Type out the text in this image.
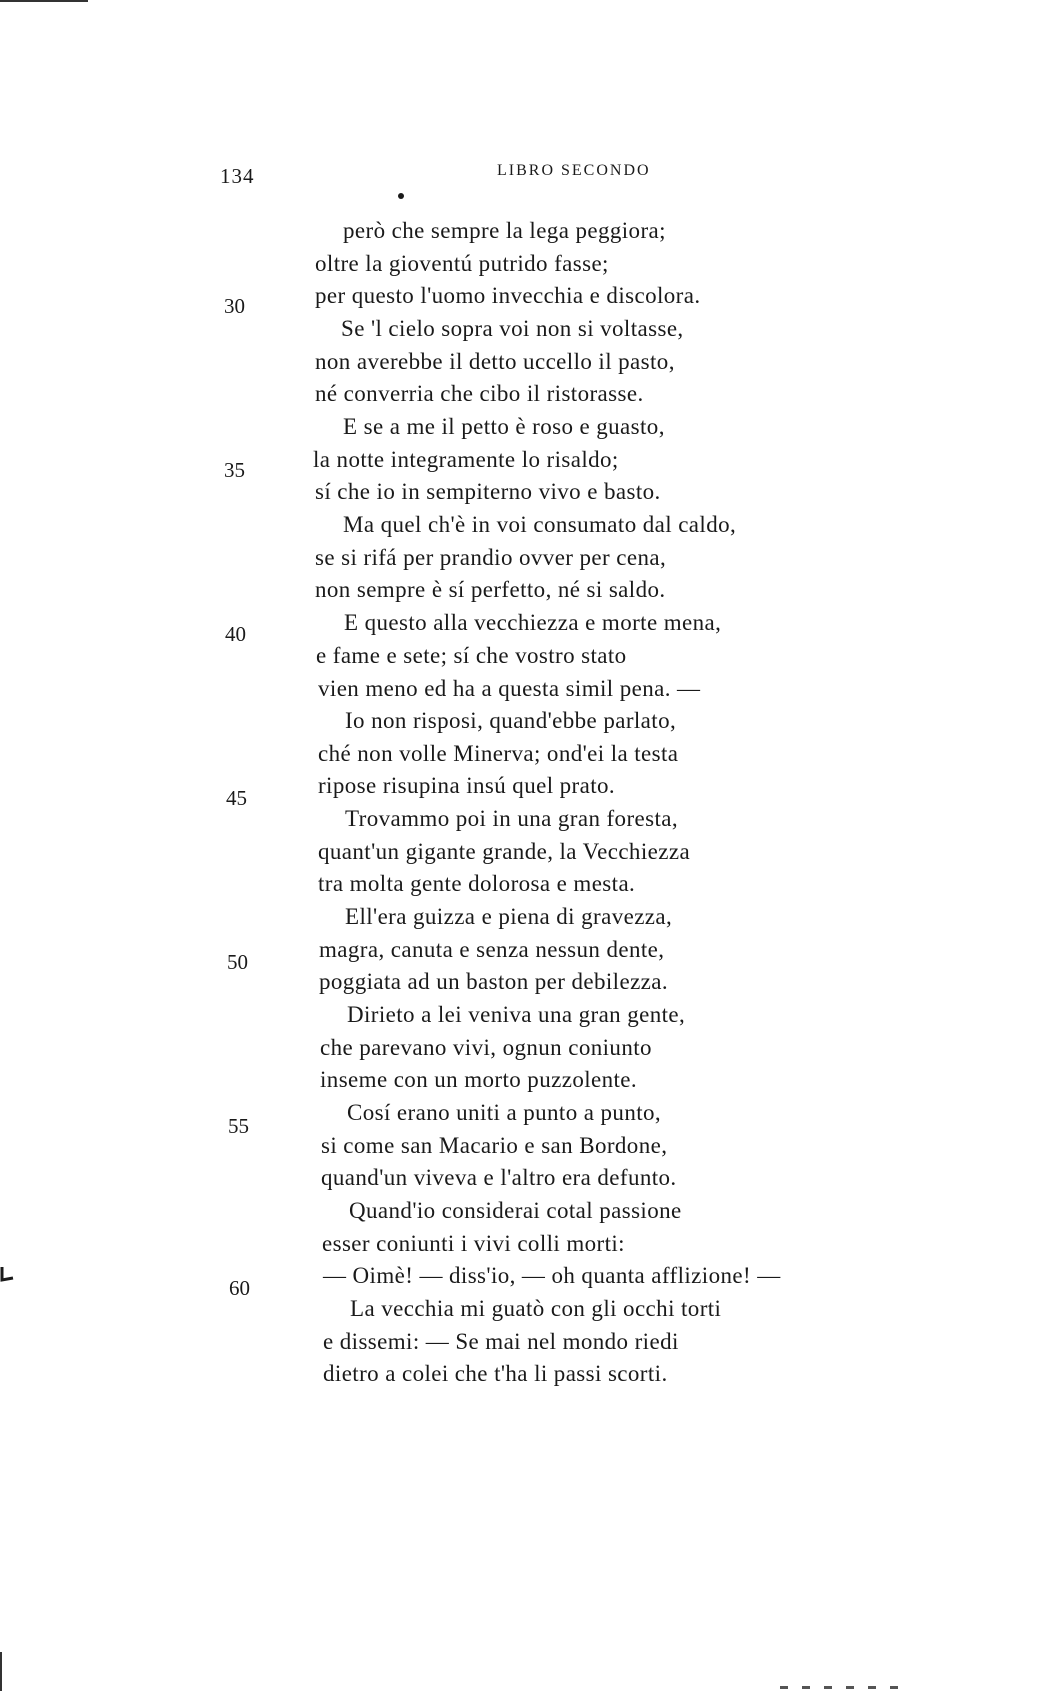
134	LIBRO SECONDO
però che sempre la lega peggiora;
oltre la gioventú putrido fasse;
per questo l'uomo invecchia e discolora.
Se 'l cielo sopra voi non si voltasse,
non averebbe il detto uccello il pasto,
né converria che cibo il ristorasse.
E se a me il petto è roso e guasto,
la notte integramente lo risaldo;
sí che io in sempiterno vivo e basto.
Ma quel ch'è in voi consumato dal caldo,
se si rifá per prandio ovver per cena,
non sempre è sí perfetto, né si saldo.
E questo alla vecchiezza e morte mena,
e fame e sete; sí che vostro stato
vien meno ed ha a questa simil pena. —
Io non risposi, quand'ebbe parlato,
ché non volle Minerva; ond'ei la testa
ripose risupina insú quel prato.
Trovammo poi in una gran foresta,
quant'un gigante grande, la Vecchiezza
tra molta gente dolorosa e mesta.
Ell'era guizza e piena di gravezza,
magra, canuta e senza nessun dente,
poggiata ad un baston per debilezza.
Dirieto a lei veniva una gran gente,
che parevano vivi, ognun coniunto
inseme con un morto puzzolente.
Cosí erano uniti a punto a punto,
si come san Macario e san Bordone,
quand'un viveva e l'altro era defunto.
Quand'io considerai cotal passione
esser coniunti i vivi colli morti:
— Oimè! — diss'io, — oh quanta afflizione! —
La vecchia mi guatò con gli occhi torti
e dissemi: — Se mai nel mondo riedi
dietro a colei che t'ha li passi scorti.
30
35
40
45
50
55
60
